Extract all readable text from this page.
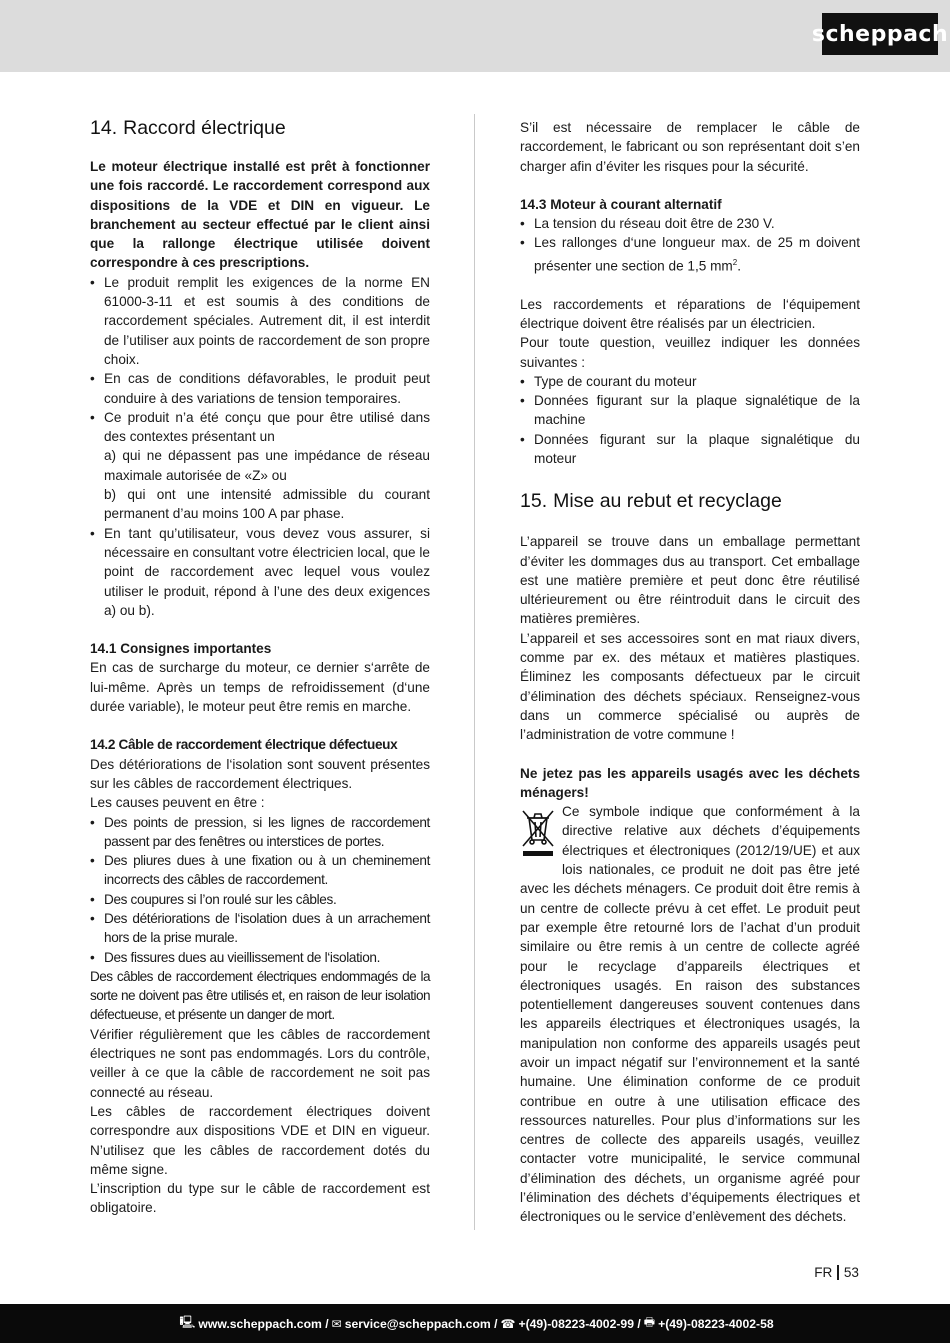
scheppach
14. Raccord électrique

Le moteur électrique installé est prêt à fonctionner une fois raccordé. Le raccordement correspond aux dispositions de la VDE et DIN en vigueur. Le branchement au secteur effectué par le client ainsi que la rallonge électrique utilisée doivent correspondre à ces prescriptions.

• Le produit remplit les exigences de la norme EN 61000-3-11 et est soumis à des conditions de raccordement spéciales. Autrement dit, il est interdit de l’utiliser aux points de raccordement de son propre choix.
• En cas de conditions défavorables, le produit peut conduire à des variations de tension temporaires.
• Ce produit n’a été conçu que pour être utilisé dans des contextes présentant un
a) qui ne dépassent pas une impédance de réseau maximale autorisée de «Z» ou
b) qui ont une intensité admissible du courant permanent d’au moins 100 A par phase.
• En tant qu’utilisateur, vous devez vous assurer, si nécessaire en consultant votre électricien local, que le point de raccordement avec lequel vous voulez utiliser le produit, répond à l’une des deux exigences a) ou b).

14.1 Consignes importantes

En cas de surcharge du moteur, ce dernier s‘arrête de lui-même. Après un temps de refroidissement (d‘une durée variable), le moteur peut être remis en marche.

14.2 Câble de raccordement électrique défectueux

Des détériorations de l‘isolation sont souvent présentes sur les câbles de raccordement électriques.

Les causes peuvent en être :

• Des points de pression, si les lignes de raccordement passent par des fenêtres ou interstices de portes.
• Des pliures dues à une fixation ou à un cheminement incorrects des câbles de raccordement.
• Des coupures si l’on roulé sur les câbles.
• Des détériorations de l‘isolation dues à un arrachement hors de la prise murale.
• Des fissures dues au vieillissement de l‘isolation.

Des câbles de raccordement électriques endommagés de la sorte ne doivent pas être utilisés et, en raison de leur isolation défectueuse, et présente un danger de mort.

Vérifier régulièrement que les câbles de raccordement électriques ne sont pas endommagés. Lors du contrôle, veiller à ce que la câble de raccordement ne soit pas connecté au réseau.

Les câbles de raccordement électriques doivent correspondre aux dispositions VDE et DIN en vigueur. N’utilisez que les câbles de raccordement dotés du même signe.

L’inscription du type sur le câble de raccordement est obligatoire.

S’il est nécessaire de remplacer le câble de raccordement, le fabricant ou son représentant doit s’en charger afin d’éviter les risques pour la sécurité.

14.3 Moteur à courant alternatif

• La tension du réseau doit être de 230 V.
• Les rallonges d‘une longueur max. de 25 m doivent présenter une section de 1,5 $mm^2$.

Les raccordements et réparations de l‘équipement électrique doivent être réalisés par un électricien.

Pour toute question, veuillez indiquer les données suivantes :

• Type de courant du moteur
• Données figurant sur la plaque signalétique de la machine
• Données figurant sur la plaque signalétique du moteur
15. Mise au rebut et recyclage

L’appareil se trouve dans un emballage permettant d’éviter les dommages dus au transport. Cet emballage est une matière première et peut donc être réutilisé ultérieurement ou être réintroduit dans le circuit des matières premières.

L’appareil et ses accessoires sont en mat riaux divers, comme par ex. des métaux et matières plastiques. Éliminez les composants défectueux par le circuit d’élimination des déchets spéciaux. Renseignez-vous dans un commerce spécialisé ou auprès de l’administration de votre commune !

Ne jetez pas les appareils usagés avec les déchets ménagers!

Ce symbole indique que conformément à la directive relative aux déchets d’équipements électriques et électroniques (2012/19/UE) et aux lois nationales, ce produit ne doit pas être jeté avec les déchets ménagers. Ce produit doit être remis à un centre de collecte prévu à cet effet. Le produit peut par exemple être retourné lors de l’achat d’un produit similaire ou être remis à un centre de collecte agréé pour le recyclage d’appareils électriques et électroniques usagés. En raison des substances potentiellement dangereuses souvent contenues dans les appareils électriques et électroniques usagés, la manipulation non conforme des appareils usagés peut avoir un impact négatif sur l’environnement et la santé humaine. Une élimination conforme de ce produit contribue en outre à une utilisation efficace des ressources naturelles. Pour plus d’informations sur les centres de collecte des appareils usagés, veuillez contacter votre municipalité, le service communal d’élimination des déchets, un organisme agréé pour l’élimination des déchets d’équipements électriques et électroniques ou le service d’enlèvement des déchets.

FR 53
🖳 www.scheppach.com / ✉ service@scheppach.com / ☎ +(49)-08223-4002-99 / 🖶 +(49)-08223-4002-58
